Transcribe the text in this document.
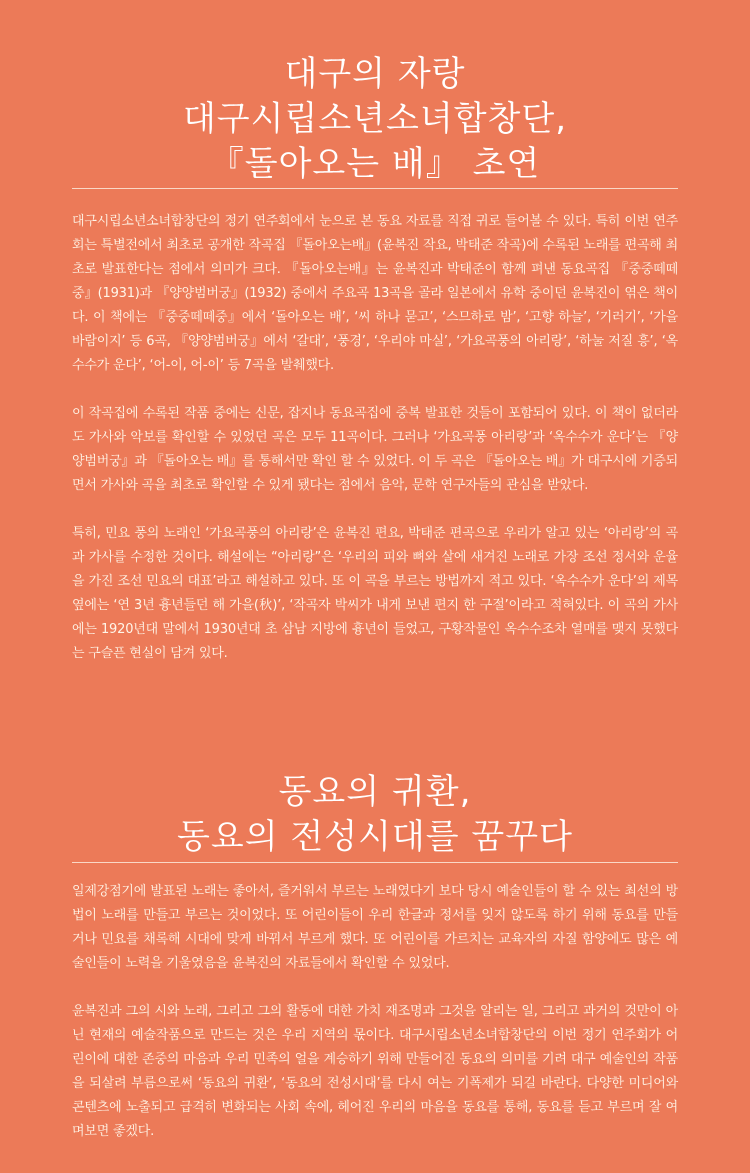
대구의 자랑
대구시립소년소녀합창단,
『돌아오는 배』 초연

대구시립소년소녀합창단의 정기 연주회에서 눈으로 본 동요 자료를 직접 귀로 들어볼 수 있다. 특히 이번 연주회는 특별전에서 최초로 공개한 작곡집 『돌아오는배』(윤복진 작요, 박태준 작곡)에 수록된 노래를 편곡해 최초로 발표한다는 점에서 의미가 크다. 『돌아오는배』는 윤복진과 박태준이 함께 펴낸 동요곡집 『중중떼떼중』(1931)과 『양양범버궁』(1932) 중에서 주요곡 13곡을 골라 일본에서 유학 중이던 윤복진이 엮은 책이다. 이 책에는 『중중떼떼중』에서 ‘돌아오는 배’, ‘씨 하나 묻고’, ‘스므하로 밤’, ‘고향 하늘’, ‘기러기’, ‘가을 바람이지’ 등 6곡, 『양양범버궁』에서 ‘갈대’, ‘풍경’, ‘우리야 마실’, ‘가요곡풍의 아리랑’, ‘하눌 저질 흥’, ‘옥수수가 운다’, ‘어-이, 어-이’ 등 7곡을 발췌했다.

이 작곡집에 수록된 작품 중에는 신문, 잡지나 동요곡집에 중복 발표한 것들이 포함되어 있다. 이 책이 없더라도 가사와 악보를 확인할 수 있었던 곡은 모두 11곡이다. 그러나 ‘가요곡풍 아리랑’과 ‘옥수수가 운다’는 『양양범버궁』과 『돌아오는 배』를 통해서만 확인 할 수 있었다. 이 두 곡은 『돌아오는 배』가 대구시에 기증되면서 가사와 곡을 최초로 확인할 수 있게 됐다는 점에서 음악, 문학 연구자들의 관심을 받았다.

특히, 민요 풍의 노래인 ‘가요곡풍의 아리랑’은 윤복진 편요, 박태준 편곡으로 우리가 알고 있는 ‘아리랑’의 곡과 가사를 수정한 것이다. 해설에는 “아리랑”은 ‘우리의 피와 뼈와 살에 새겨진 노래로 가장 조선 정서와 운율을 가진 조선 민요의 대표’라고 해설하고 있다. 또 이 곡을 부르는 방법까지 적고 있다. ‘옥수수가 운다’의 제목 옆에는 ‘연 3년 흉년들던 해 가을(秋)’, ‘작곡자 박씨가 내게 보낸 편지 한 구절’이라고 적혀있다. 이 곡의 가사에는 1920년대 말에서 1930년대 초 삼남 지방에 흉년이 들었고, 구황작물인 옥수수조차 열매를 맺지 못했다는 구슬픈 현실이 담겨 있다.

동요의 귀환,
동요의 전성시대를 꿈꾸다

일제강점기에 발표된 노래는 좋아서, 즐거워서 부르는 노래였다기 보다 당시 예술인들이 할 수 있는 최선의 방법이 노래를 만들고 부르는 것이었다. 또 어린이들이 우리 한글과 정서를 잊지 않도록 하기 위해 동요를 만들거나 민요를 채록해 시대에 맞게 바꿔서 부르게 했다. 또 어린이를 가르치는 교육자의 자질 함양에도 많은 예술인들이 노력을 기울였음을 윤복진의 자료들에서 확인할 수 있었다.

윤복진과 그의 시와 노래, 그리고 그의 활동에 대한 가치 재조명과 그것을 알리는 일, 그리고 과거의 것만이 아닌 현재의 예술작품으로 만드는 것은 우리 지역의 몫이다. 대구시립소년소녀합창단의 이번 정기 연주회가 어린이에 대한 존중의 마음과 우리 민족의 얼을 계승하기 위해 만들어진 동요의 의미를 기려 대구 예술인의 작품을 되살려 부름으로써 ‘동요의 귀환’, ‘동요의 전성시대’를 다시 여는 기폭제가 되길 바란다. 다양한 미디어와 콘텐츠에 노출되고 급격히 변화되는 사회 속에, 헤어진 우리의 마음을 동요를 통해, 동요를 듣고 부르며 잘 여며보면 좋겠다.
